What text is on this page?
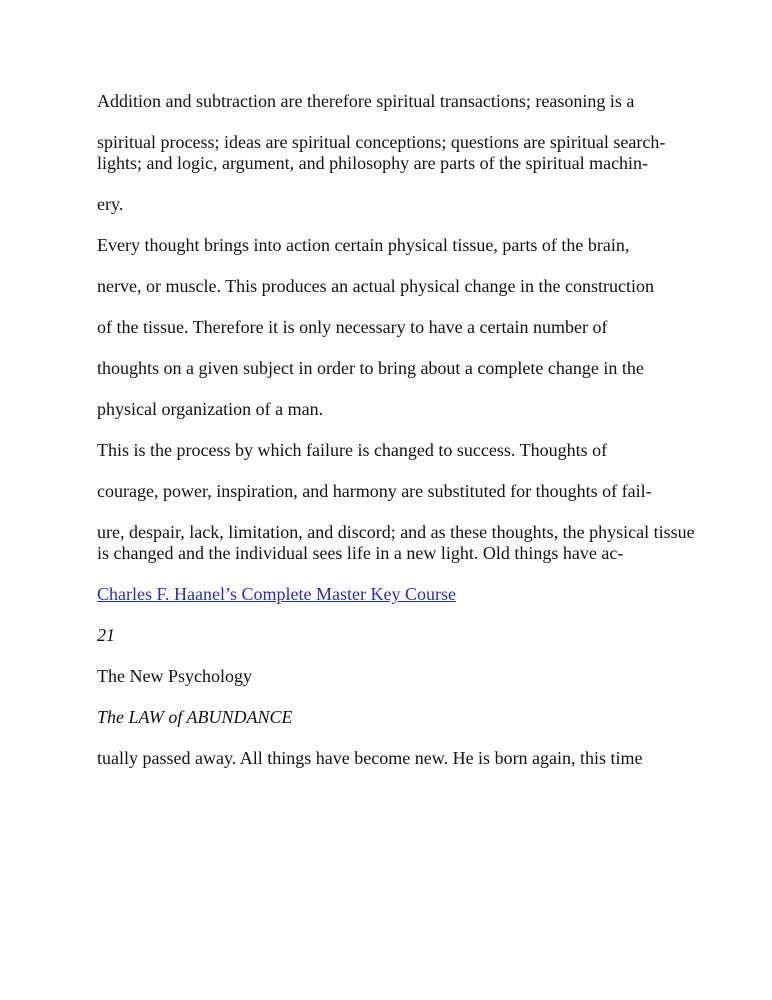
Addition and subtraction are therefore spiritual transactions; reasoning is a

spiritual process; ideas are spiritual conceptions; questions are spiritual search-lights; and logic, argument, and philosophy are parts of the spiritual machin-

ery.

Every thought brings into action certain physical tissue, parts of the brain,

nerve, or muscle. This produces an actual physical change in the construction

of the tissue. Therefore it is only necessary to have a certain number of

thoughts on a given subject in order to bring about a complete change in the

physical organization of a man.

This is the process by which failure is changed to success. Thoughts of

courage, power, inspiration, and harmony are substituted for thoughts of fail-

ure, despair, lack, limitation, and discord; and as these thoughts, the physical tissue is changed and the individual sees life in a new light. Old things have ac-

Charles F. Haanel’s Complete Master Key Course

21

The New Psychology

The LAW of ABUNDANCE

tually passed away. All things have become new. He is born again, this time
